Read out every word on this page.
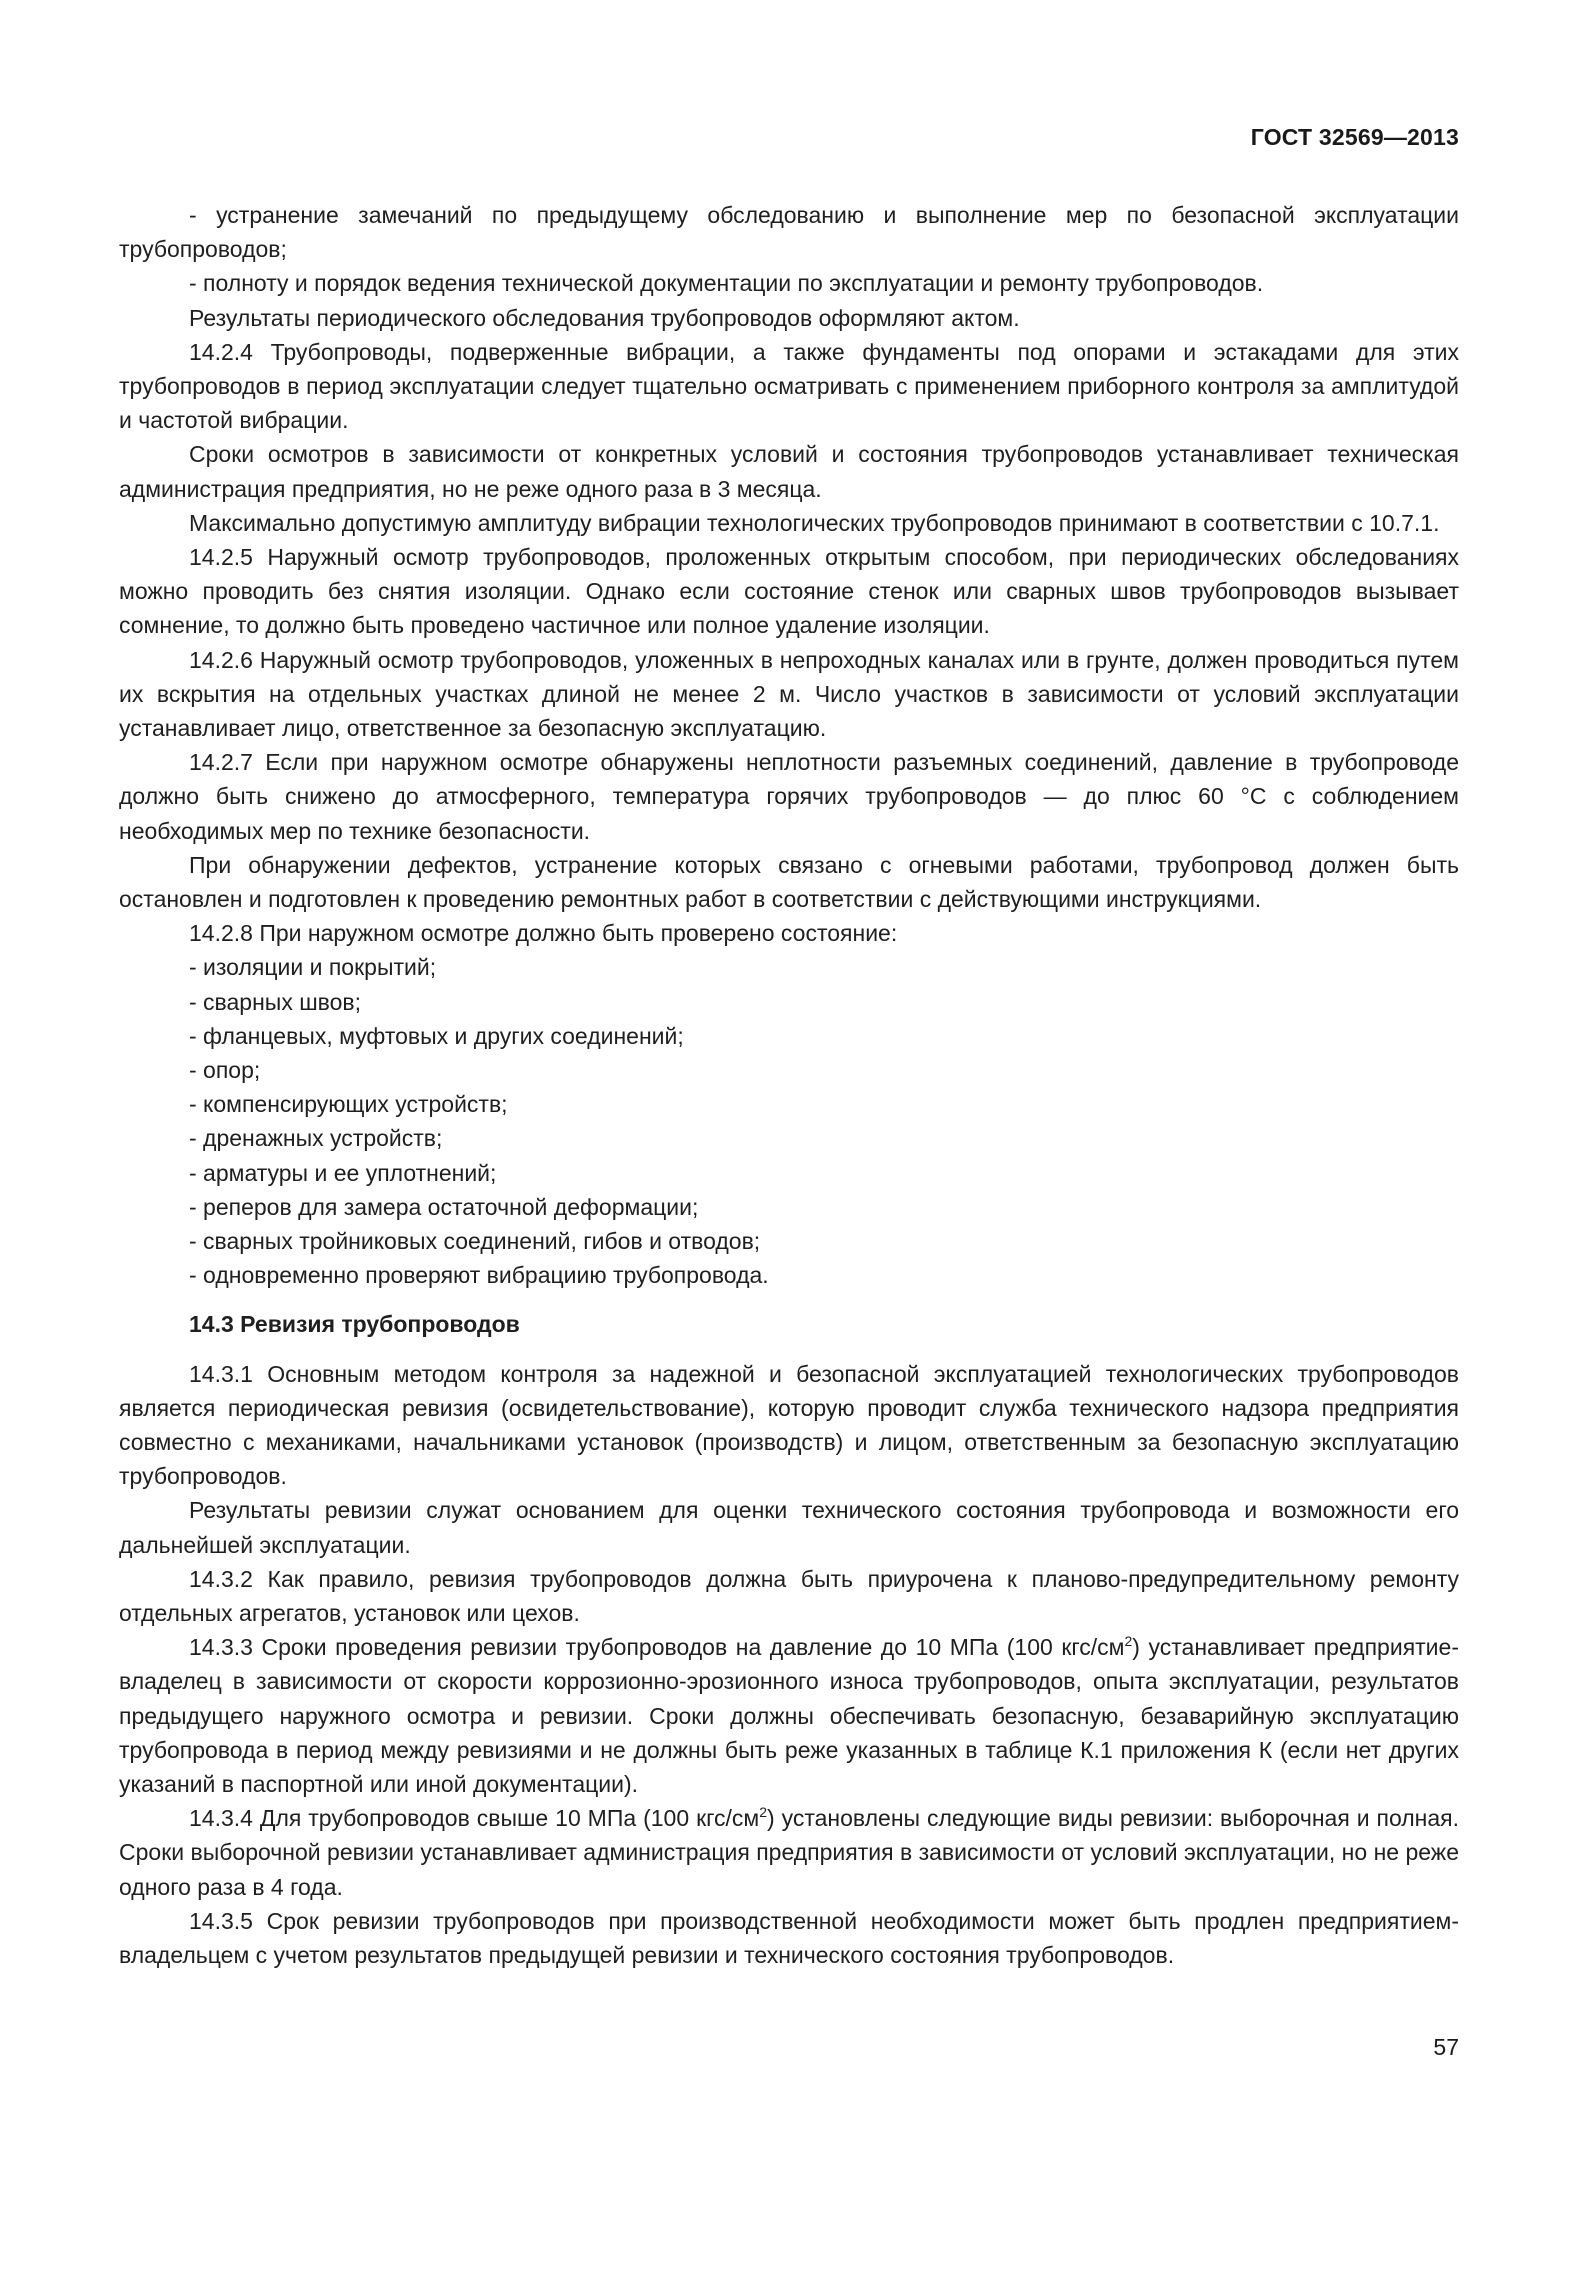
ГОСТ 32569—2013

- устранение замечаний по предыдущему обследованию и выполнение мер по безопасной эксплуатации трубопроводов;

- полноту и порядок ведения технической документации по эксплуатации и ремонту трубопроводов.

Результаты периодического обследования трубопроводов оформляют актом.

14.2.4 Трубопроводы, подверженные вибрации, а также фундаменты под опорами и эстакадами для этих трубопроводов в период эксплуатации следует тщательно осматривать с применением приборного контроля за амплитудой и частотой вибрации.

Сроки осмотров в зависимости от конкретных условий и состояния трубопроводов устанавливает техническая администрация предприятия, но не реже одного раза в 3 месяца.

Максимально допустимую амплитуду вибрации технологических трубопроводов принимают в соответствии с 10.7.1.

14.2.5 Наружный осмотр трубопроводов, проложенных открытым способом, при периодических обследованиях можно проводить без снятия изоляции. Однако если состояние стенок или сварных швов трубопроводов вызывает сомнение, то должно быть проведено частичное или полное удаление изоляции.

14.2.6 Наружный осмотр трубопроводов, уложенных в непроходных каналах или в грунте, должен проводиться путем их вскрытия на отдельных участках длиной не менее 2 м. Число участков в зависимости от условий эксплуатации устанавливает лицо, ответственное за безопасную эксплуатацию.

14.2.7 Если при наружном осмотре обнаружены неплотности разъемных соединений, давление в трубопроводе должно быть снижено до атмосферного, температура горячих трубопроводов — до плюс 60 °С с соблюдением необходимых мер по технике безопасности.

При обнаружении дефектов, устранение которых связано с огневыми работами, трубопровод должен быть остановлен и подготовлен к проведению ремонтных работ в соответствии с действующими инструкциями.

14.2.8 При наружном осмотре должно быть проверено состояние:

- изоляции и покрытий;

- сварных швов;

- фланцевых, муфтовых и других соединений;

- опор;

- компенсирующих устройств;

- дренажных устройств;

- арматуры и ее уплотнений;

- реперов для замера остаточной деформации;

- сварных тройниковых соединений, гибов и отводов;

- одновременно проверяют вибрациию трубопровода.

14.3 Ревизия трубопроводов

14.3.1 Основным методом контроля за надежной и безопасной эксплуатацией технологических трубопроводов является периодическая ревизия (освидетельствование), которую проводит служба технического надзора предприятия совместно с механиками, начальниками установок (производств) и лицом, ответственным за безопасную эксплуатацию трубопроводов.

Результаты ревизии служат основанием для оценки технического состояния трубопровода и возможности его дальнейшей эксплуатации.

14.3.2 Как правило, ревизия трубопроводов должна быть приурочена к планово-предупредительному ремонту отдельных агрегатов, установок или цехов.

14.3.3 Сроки проведения ревизии трубопроводов на давление до 10 МПа (100 кгс/$см^2$) устанавливает предприятие-владелец в зависимости от скорости коррозионно-эрозионного износа трубопроводов, опыта эксплуатации, результатов предыдущего наружного осмотра и ревизии. Сроки должны обеспечивать безопасную, безаварийную эксплуатацию трубопровода в период между ревизиями и не должны быть реже указанных в таблице К.1 приложения К (если нет других указаний в паспортной или иной документации).

14.3.4 Для трубопроводов свыше 10 МПа (100 кгс/$см^2$) установлены следующие виды ревизии: выборочная и полная. Сроки выборочной ревизии устанавливает администрация предприятия в зависимости от условий эксплуатации, но не реже одного раза в 4 года.

14.3.5 Срок ревизии трубопроводов при производственной необходимости может быть продлен предприятием-владельцем с учетом результатов предыдущей ревизии и технического состояния трубопроводов.

57
